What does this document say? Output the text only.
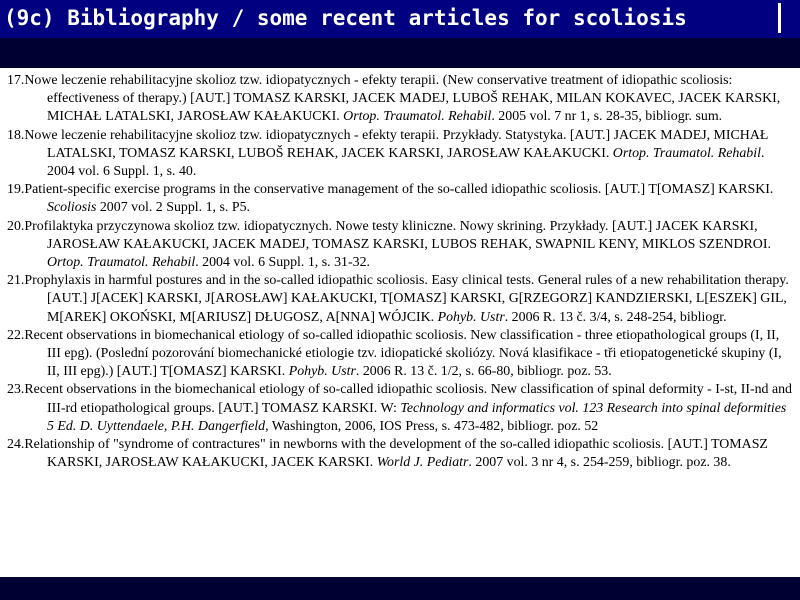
(9c) Bibliography / some recent articles for scoliosis

17.Nowe leczenie rehabilitacyjne skolioz tzw. idiopatycznych - efekty terapii. (New conservative treatment of idiopathic scoliosis: effectiveness of therapy.) [AUT.] TOMASZ KARSKI, JACEK MADEJ, LUBOŠ REHAK, MILAN KOKAVEC, JACEK KARSKI, MICHAŁ LATALSKI, JAROSŁAW KAŁAKUCKI. Ortop. Traumatol. Rehabil. 2005 vol. 7 nr 1, s. 28-35, bibliogr. sum.

18.Nowe leczenie rehabilitacyjne skolioz tzw. idiopatycznych - efekty terapii. Przykłady. Statystyka. [AUT.] JACEK MADEJ, MICHAŁ LATALSKI, TOMASZ KARSKI, LUBOŠ REHAK, JACEK KARSKI, JAROSŁAW KAŁAKUCKI. Ortop. Traumatol. Rehabil. 2004 vol. 6 Suppl. 1, s. 40.

19.Patient-specific exercise programs in the conservative management of the so-called idiopathic scoliosis. [AUT.] T[OMASZ] KARSKI. Scoliosis 2007 vol. 2 Suppl. 1, s. P5.

20.Profilaktyka przyczynowa skolioz tzw. idiopatycznych. Nowe testy kliniczne. Nowy skrining. Przykłady. [AUT.] JACEK KARSKI, JAROSŁAW KAŁAKUCKI, JACEK MADEJ, TOMASZ KARSKI, LUBOS REHAK, SWAPNIL KENY, MIKLOS SZENDROI. Ortop. Traumatol. Rehabil. 2004 vol. 6 Suppl. 1, s. 31-32.

21.Prophylaxis in harmful postures and in the so-called idiopathic scoliosis. Easy clinical tests. General rules of a new rehabilitation therapy. [AUT.] J[ACEK] KARSKI, J[AROSŁAW] KAŁAKUCKI, T[OMASZ] KARSKI, G[RZEGORZ] KANDZIERSKI, L[ESZEK] GIL, M[AREK] OKOŃSKI, M[ARIUSZ] DŁUGOSZ, A[NNA] WÓJCIK. Pohyb. Ustr. 2006 R. 13 č. 3/4, s. 248-254, bibliogr.

22.Recent observations in biomechanical etiology of so-called idiopathic scoliosis. New classification - three etiopathological groups (I, II, III epg). (Poslední pozorování biomechanické etiologie tzv. idiopatické skoliózy. Nová klasifikace - tři etiopatogenetické skupiny (I, II, III epg).) [AUT.] T[OMASZ] KARSKI. Pohyb. Ustr. 2006 R. 13 č. 1/2, s. 66-80, bibliogr. poz. 53.

23.Recent observations in the biomechanical etiology of so-called idiopathic scoliosis. New classification of spinal deformity - I-st, II-nd and III-rd etiopathological groups. [AUT.] TOMASZ KARSKI. W: Technology and informatics vol. 123 Research into spinal deformities 5 Ed. D. Uyttendaele, P.H. Dangerfield, Washington, 2006, IOS Press, s. 473-482, bibliogr. poz. 52

24.Relationship of "syndrome of contractures" in newborns with the development of the so-called idiopathic scoliosis. [AUT.] TOMASZ KARSKI, JAROSŁAW KAŁAKUCKI, JACEK KARSKI. World J. Pediatr. 2007 vol. 3 nr 4, s. 254-259, bibliogr. poz. 38.
